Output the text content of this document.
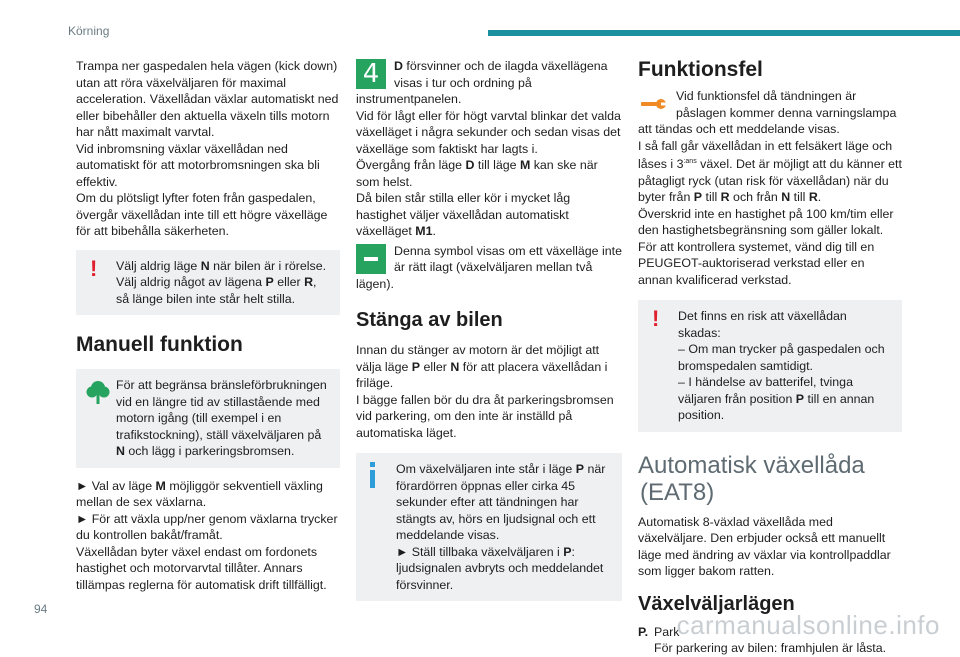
Körning

Trampa ner gaspedalen hela vägen (kick down) utan att röra växelväljaren för maximal acceleration. Växellådan växlar automatiskt ned eller bibehåller den aktuella växeln tills motorn har nått maximalt varvtal.

Vid inbromsning växlar växellådan ned automatiskt för att motorbromsningen ska bli effektiv.

Om du plötsligt lyfter foten från gaspedalen, övergår växellådan inte till ett högre växelläge för att bibehålla säkerheten.

! Välj aldrig läge N när bilen är i rörelse.

Välj aldrig något av lägena P eller R, så länge bilen inte står helt stilla.

Manuell funktion

För att begränsa bränsleförbrukningen vid en längre tid av stillastående med motorn igång (till exempel i en trafikstockning), ställ växelväljaren på N och lägg i parkeringsbromsen.

► Val av läge M möjliggör sekventiell växling mellan de sex växlarna.

► För att växla upp/ner genom växlarna trycker du kontrollen bakåt/framåt.

Växellådan byter växel endast om fordonets hastighet och motorvarvtal tillåter. Annars tillämpas reglerna för automatisk drift tillfälligt.

4	D försvinner och de ilagda växellägena visas i tur och ordning på instrumentpanelen.

Vid för lågt eller för högt varvtal blinkar det valda växelläget i några sekunder och sedan visas det växelläge som faktiskt har lagts i.

Övergång från läge D till läge M kan ske när som helst.

Då bilen står stilla eller kör i mycket låg hastighet väljer växellådan automatiskt växelläget M1.

Denna symbol visas om ett växelläge inte är rätt ilagt (växelväljaren mellan två lägen).

Stänga av bilen

Innan du stänger av motorn är det möjligt att välja läge P eller N för att placera växellådan i friläge.

I bägge fallen bör du dra åt parkeringsbromsen vid parkering, om den inte är inställd på automatiska läget.

Om växelväljaren inte står i läge P när förardörren öppnas eller cirka 45 sekunder efter att tändningen har stängts av, hörs en ljudsignal och ett meddelande visas.

► Ställ tillbaka växelväljaren i P: ljudsignalen avbryts och meddelandet försvinner.

Funktionsfel

Vid funktionsfel då tändningen är påslagen kommer denna varningslampa att tändas och ett meddelande visas.

I så fall går växellådan in ett felsäkert läge och låses i $3^{:ans}$ växel. Det är möjligt att du känner ett påtagligt ryck (utan risk för växellådan) när du byter från P till R och från N till R.

Överskrid inte en hastighet på 100 km/tim eller den hastighetsbegränsning som gäller lokalt.

För att kontrollera systemet, vänd dig till en PEUGEOT-auktoriserad verkstad eller en annan kvalificerad verkstad.

! Det finns en risk att växellådan skadas:

– Om man trycker på gaspedalen och bromspedalen samtidigt.

– I händelse av batterifel, tvinga väljaren från position P till en annan position.

Automatisk växellåda
(EAT8)

Automatisk 8-växlad växellåda med växelväljare. Den erbjuder också ett manuellt läge med ändring av växlar via kontrollpaddlar som ligger bakom ratten.

Växelväljarlägen
P. Park

För parkering av bilen: framhjulen är låsta.

94
carmanualsonline.info
